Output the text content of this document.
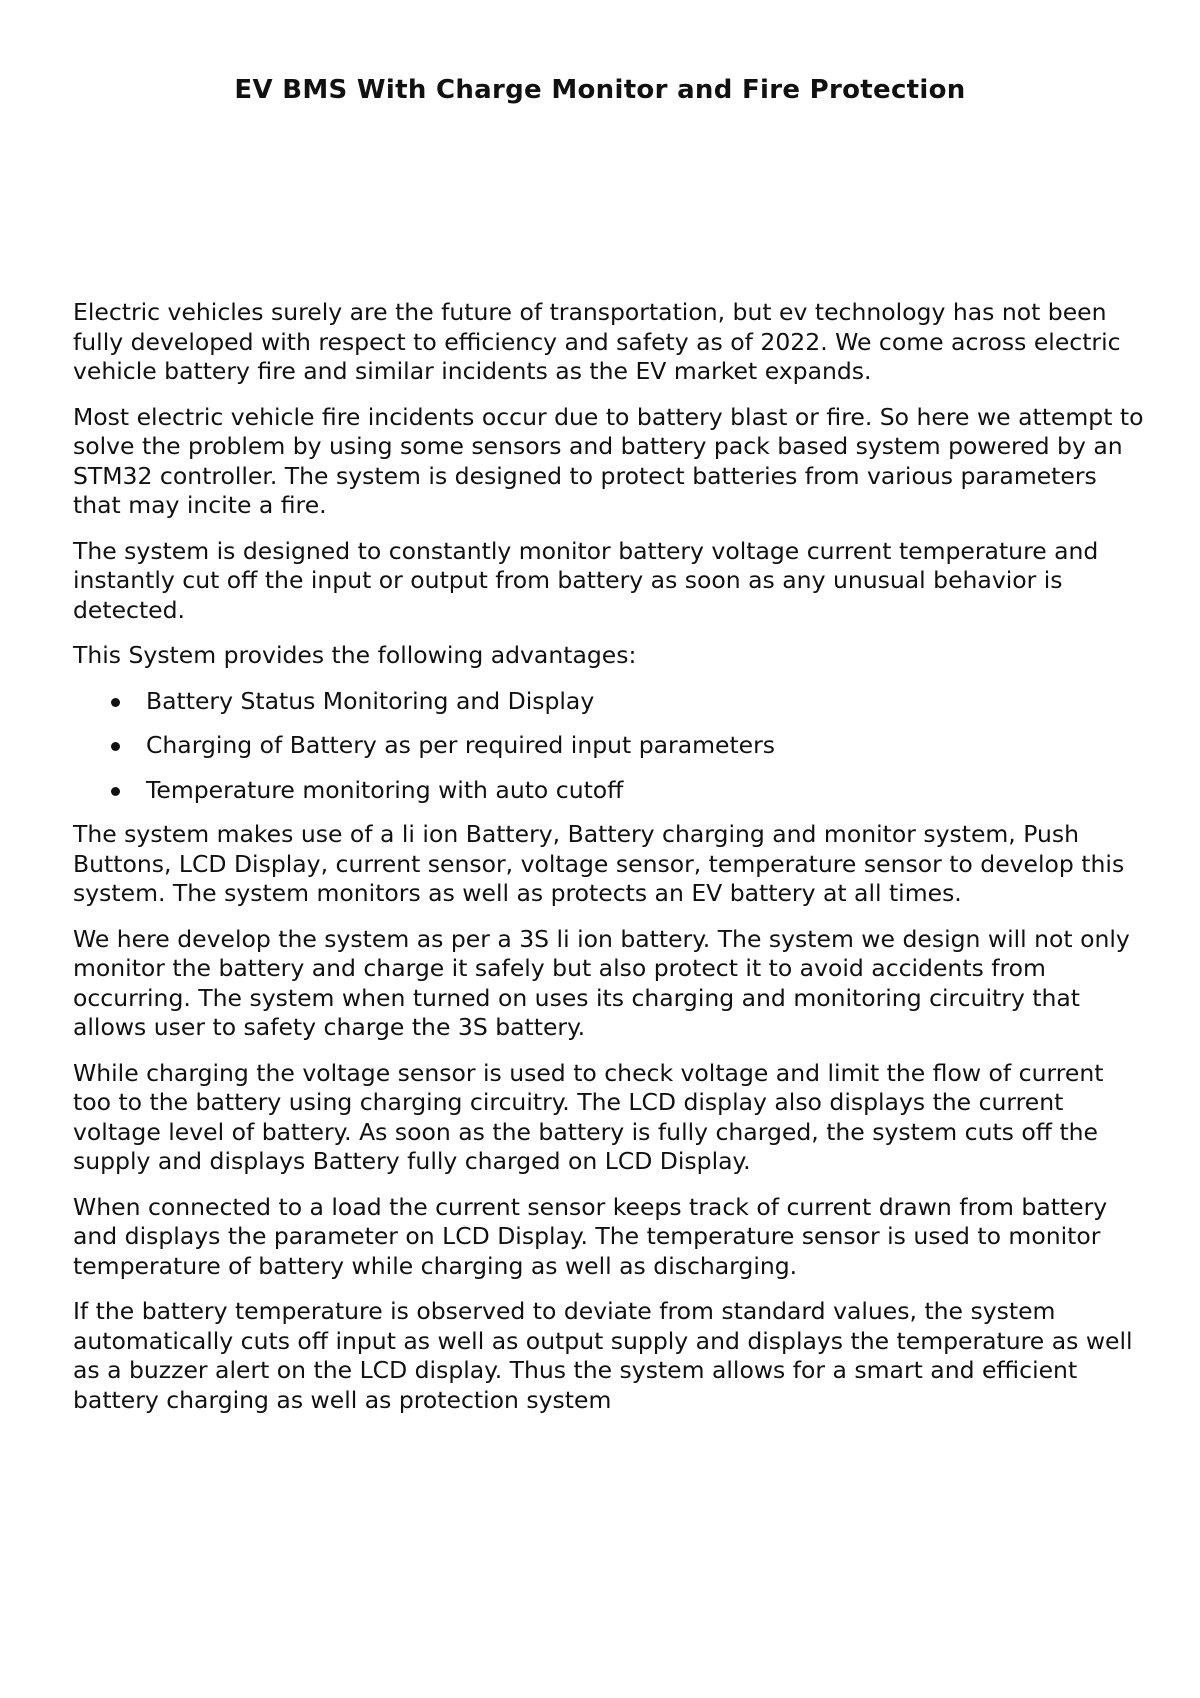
EV BMS With Charge Monitor and Fire Protection

Electric vehicles surely are the future of transportation, but ev technology has not been fully developed with respect to efficiency and safety as of 2022. We come across electric vehicle battery fire and similar incidents as the EV market expands.

Most electric vehicle fire incidents occur due to battery blast or fire. So here we attempt to solve the problem by using some sensors and battery pack based system powered by an STM32 controller. The system is designed to protect batteries from various parameters that may incite a fire.

The system is designed to constantly monitor battery voltage current temperature and instantly cut off the input or output from battery as soon as any unusual behavior is detected.

This System provides the following advantages:

Battery Status Monitoring and Display
Charging of Battery as per required input parameters
Temperature monitoring with auto cutoff

The system makes use of a li ion Battery, Battery charging and monitor system, Push Buttons, LCD Display, current sensor, voltage sensor, temperature sensor to develop this system. The system monitors as well as protects an EV battery at all times.

We here develop the system as per a 3S li ion battery. The system we design will not only monitor the battery and charge it safely but also protect it to avoid accidents from occurring. The system when turned on uses its charging and monitoring circuitry that allows user to safety charge the 3S battery.

While charging the voltage sensor is used to check voltage and limit the flow of current too to the battery using charging circuitry. The LCD display also displays the current voltage level of battery. As soon as the battery is fully charged, the system cuts off the supply and displays Battery fully charged on LCD Display.

When connected to a load the current sensor keeps track of current drawn from battery and displays the parameter on LCD Display. The temperature sensor is used to monitor temperature of battery while charging as well as discharging.

If the battery temperature is observed to deviate from standard values, the system automatically cuts off input as well as output supply and displays the temperature as well as a buzzer alert on the LCD display. Thus the system allows for a smart and efficient battery charging as well as protection system
